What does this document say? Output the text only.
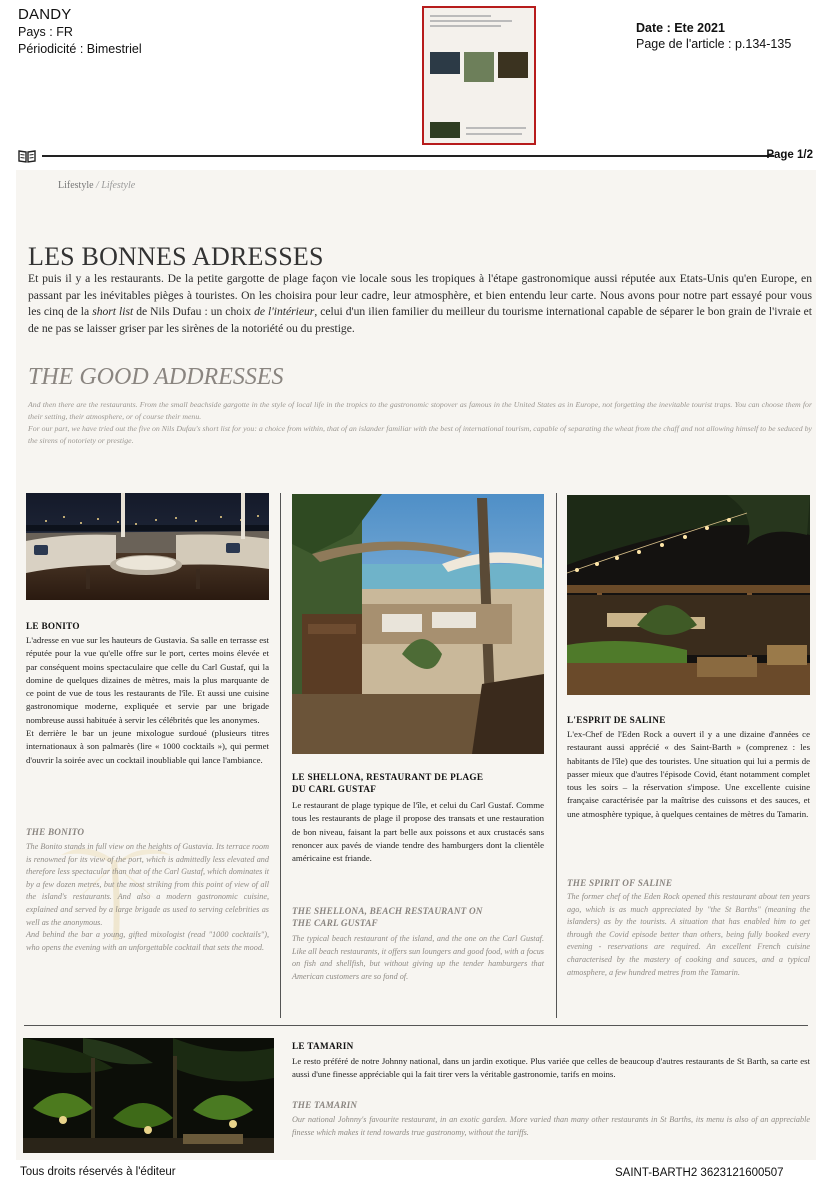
DANDY
Pays : FR
Périodicité : Bimestriel
Date : Ete 2021
Page de l'article : p.134-135
Page 1/2
Lifestyle / Lifestyle
LES BONNES ADRESSES
Et puis il y a les restaurants. De la petite gargotte de plage façon vie locale sous les tropiques à l'étape gastronomique aussi réputée aux Etats-Unis qu'en Europe, en passant par les inévitables pièges à touristes. On les choisira pour leur cadre, leur atmosphère, et bien entendu leur carte. Nous avons pour notre part essayé pour vous les cinq de la short list de Nils Dufau : un choix de l'intérieur, celui d'un ilien familier du meilleur du tourisme international capable de séparer le bon grain de l'ivraie et de ne pas se laisser griser par les sirènes de la notoriété ou du prestige.
THE GOOD ADDRESSES
And then there are the restaurants. From the small beachside gargotte in the style of local life in the tropics to the gastronomic stopover as famous in the United States as in Europe, not forgetting the inevitable tourist traps. You can choose them for their setting, their atmosphere, or of course their menu.
For our part, we have tried out the five on Nils Dufau's short list for you: a choice from within, that of an islander familiar with the best of international tourism, capable of separating the wheat from the chaff and not allowing himself to be seduced by the sirens of notoriety or prestige.
LE BONITO
L'adresse en vue sur les hauteurs de Gustavia. Sa salle en terrasse est réputée pour la vue qu'elle offre sur le port, certes moins élevée et par conséquent moins spectaculaire que celle du Carl Gustaf, qui la domine de quelques dizaines de mètres, mais la plus marquante de ce point de vue de tous les restaurants de l'île. Et aussi une cuisine gastronomique moderne, expliquée et servie par une brigade nombreuse aussi habituée à servir les célébrités que les anonymes.
Et derrière le bar un jeune mixologue surdoué (plusieurs titres internationaux à son palmarès (lire « 1000 cocktails »), qui permet d'ouvrir la soirée avec un cocktail inoubliable qui lance l'ambiance.
THE BONITO
The Bonito stands in full view on the heights of Gustavia. Its terrace room is renowned for its view of the port, which is admittedly less elevated and therefore less spectacular than that of the Carl Gustaf, which dominates it by a few dozen metres, but the most striking from this point of view of all the island's restaurants. And also a modern gastronomic cuisine, explained and served by a large brigade as used to serving celebrities as well as the anonymous.
And behind the bar a young, gifted mixologist (read "1000 cocktails"), who opens the evening with an unforgettable cocktail that sets the mood.
LE SHELLONA, RESTAURANT DE PLAGE
DU CARL GUSTAF
Le restaurant de plage typique de l'île, et celui du Carl Gustaf. Comme tous les restaurants de plage il propose des transats et une restauration de bon niveau, faisant la part belle aux poissons et aux crustacés sans renoncer aux pavés de viande tendre des hamburgers dont la clientèle américaine est friande.
THE SHELLONA, BEACH RESTAURANT ON
THE CARL GUSTAF
The typical beach restaurant of the island, and the one on the Carl Gustaf. Like all beach restaurants, it offers sun loungers and good food, with a focus on fish and shellfish, but without giving up the tender hamburgers that American customers are so fond of.
L'ESPRIT DE SALINE
L'ex-Chef de l'Eden Rock a ouvert il y a une dizaine d'années ce restaurant aussi apprécié « des Saint-Barth » (comprenez : les habitants de l'île) que des touristes. Une situation qui lui a permis de passer mieux que d'autres l'épisode Covid, étant notamment complet tous les soirs – la réservation s'impose. Une excellente cuisine française caractérisée par la maîtrise des cuissons et des sauces, et une atmosphère typique, à quelques centaines de mètres du Tamarin.
THE SPIRIT OF SALINE
The former chef of the Eden Rock opened this restaurant about ten years ago, which is as much appreciated by "the St Barths" (meaning the islanders) as by the tourists. A situation that has enabled him to get through the Covid episode better than others, being fully booked every evening - reservations are required. An excellent French cuisine characterised by the mastery of cooking and sauces, and a typical atmosphere, a few hundred metres from the Tamarin.
LE TAMARIN
Le resto préféré de notre Johnny national, dans un jardin exotique. Plus variée que celles de beaucoup d'autres restaurants de St Barth, sa carte est aussi d'une finesse appréciable qui la fait tirer vers la véritable gastronomie, tarifs en moins.
THE TAMARIN
Our national Johnny's favourite restaurant, in an exotic garden. More varied than many other restaurants in St Barths, its menu is also of an appreciable finesse which makes it tend towards true gastronomy, without the tariffs.
Tous droits réservés à l'éditeur	SAINT-BARTH2 3623121600507
